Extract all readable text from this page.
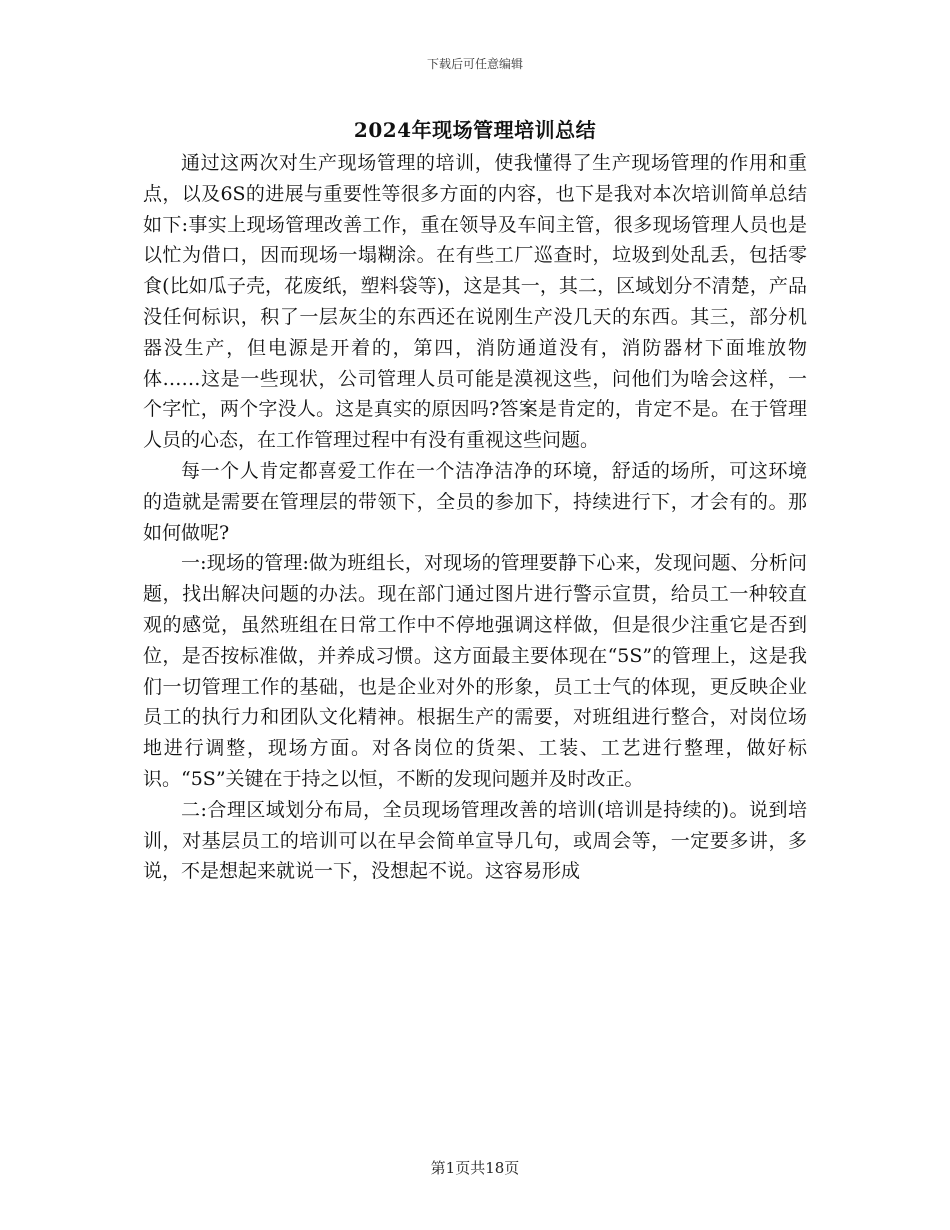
下载后可任意编辑
2024年现场管理培训总结

通过这两次对生产现场管理的培训，使我懂得了生产现场管理的作用和重点，以及6S的进展与重要性等很多方面的内容，也下是我对本次培训简单总结如下:事实上现场管理改善工作，重在领导及车间主管，很多现场管理人员也是以忙为借口，因而现场一塌糊涂。在有些工厂巡查时，垃圾到处乱丢，包括零食(比如瓜子壳，花废纸，塑料袋等)，这是其一，其二，区域划分不清楚，产品没任何标识，积了一层灰尘的东西还在说刚生产没几天的东西。其三，部分机器没生产，但电源是开着的，第四，消防通道没有，消防器材下面堆放物体……这是一些现状，公司管理人员可能是漠视这些，问他们为啥会这样，一个字忙，两个字没人。这是真实的原因吗?答案是肯定的，肯定不是。在于管理人员的心态，在工作管理过程中有没有重视这些问题。

每一个人肯定都喜爱工作在一个洁净洁净的环境，舒适的场所，可这环境的造就是需要在管理层的带领下，全员的参加下，持续进行下，才会有的。那如何做呢?

一:现场的管理:做为班组长，对现场的管理要静下心来，发现问题、分析问题，找出解决问题的办法。现在部门通过图片进行警示宣贯，给员工一种较直观的感觉，虽然班组在日常工作中不停地强调这样做，但是很少注重它是否到位，是否按标准做，并养成习惯。这方面最主要体现在“5S”的管理上，这是我们一切管理工作的基础，也是企业对外的形象，员工士气的体现，更反映企业员工的执行力和团队文化精神。根据生产的需要，对班组进行整合，对岗位场地进行调整，现场方面。对各岗位的货架、工装、工艺进行整理，做好标识。“5S”关键在于持之以恒，不断的发现问题并及时改正。

二:合理区域划分布局，全员现场管理改善的培训(培训是持续的)。说到培训，对基层员工的培训可以在早会简单宣导几句，或周会等，一定要多讲，多说，不是想起来就说一下，没想起不说。这容易形成

第1页共18页
